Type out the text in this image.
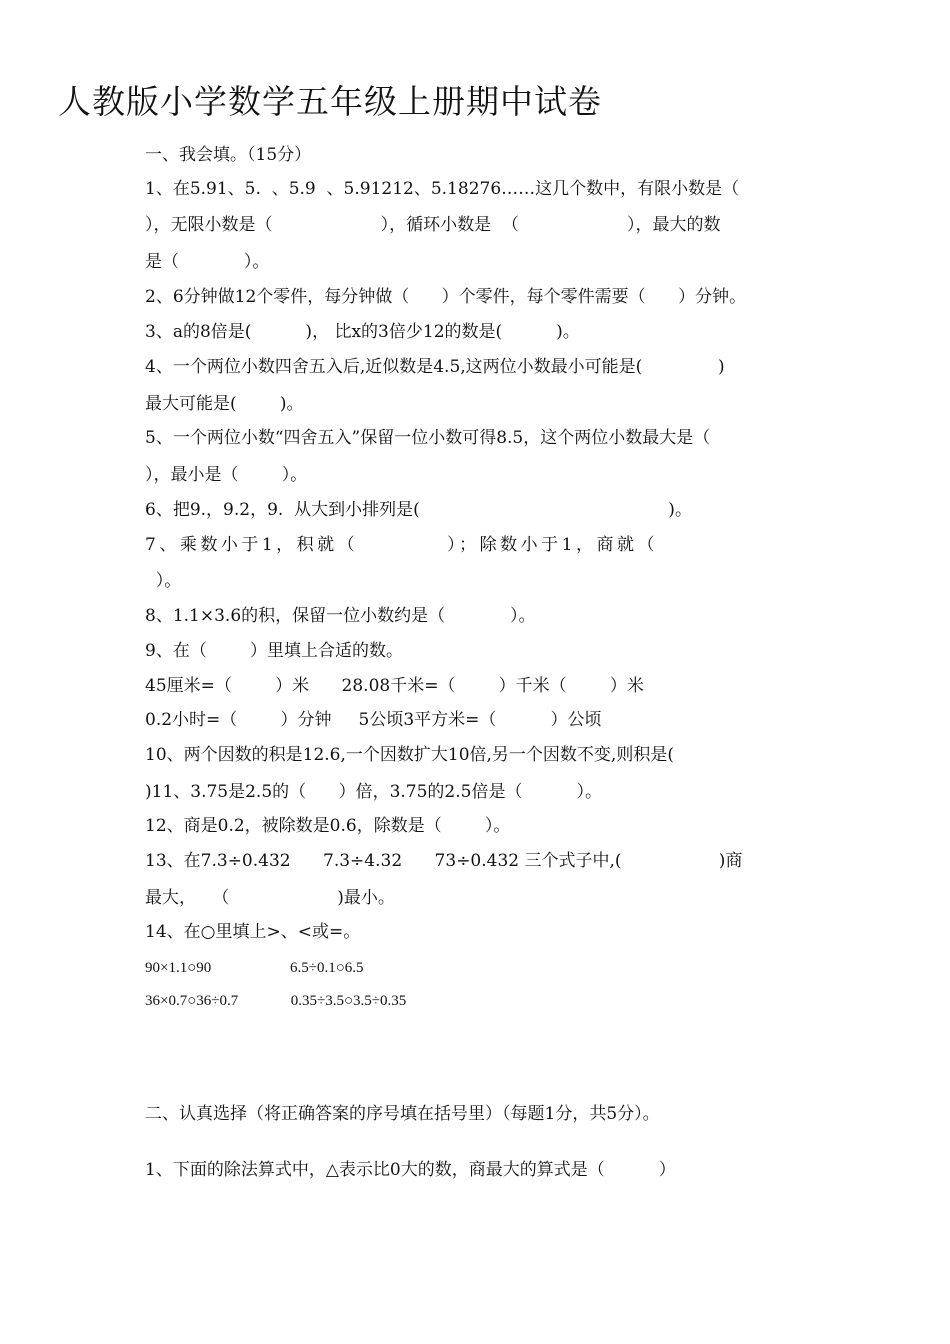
人教版小学数学五年级上册期中试卷
一、我会填。（15分）
1、在5.91、5.  、5.9  、5.91212、5.18276……这几个数中，有限小数是（
），无限小数是（                    ），循环小数是  （                    ），最大的数
是（            ）。
2、6分钟做12个零件，每分钟做（      ）个零件，每个零件需要（      ）分钟。
3、a的8倍是(          )， 比x的3倍少12的数是(          )。
4、一个两位小数四舍五入后,近似数是4.5,这两位小数最小可能是(              )
最大可能是(        )。
5、一个两位小数“四舍五入”保留一位小数可得8.5，这个两位小数最大是（
），最小是（        ）。
6、把9.，9.2，9.  从大到小排列是(                                              )。
7、乘数小于1，积就（          ）；除数小于1，商就（
）。
8、1.1×3.6的积，保留一位小数约是（            ）。
9、在（        ）里填上合适的数。
45厘米=（        ）米      28.08千米=（        ）千米（        ）米
0.2小时=（        ）分钟     5公顷3平方米=（          ）公顷
10、两个因数的积是12.6,一个因数扩大10倍,另一个因数不变,则积是(
)11、3.75是2.5的（      ）倍，3.75的2.5倍是（          ）。
12、商是0.2，被除数是0.6，除数是（        ）。
13、在7.3÷0.432      7.3÷4.32      73÷0.432 三个式子中,(                  )商
最大，   （                    )最小。
14、在○里填上>、<或=。
90×1.1○90                     6.5÷0.1○6.5
36×0.7○36÷0.7              0.35÷3.5○3.5÷0.35
二、认真选择（将正确答案的序号填在括号里）（每题1分，共5分）。
1、下面的除法算式中，△表示比0大的数，商最大的算式是（          ）
